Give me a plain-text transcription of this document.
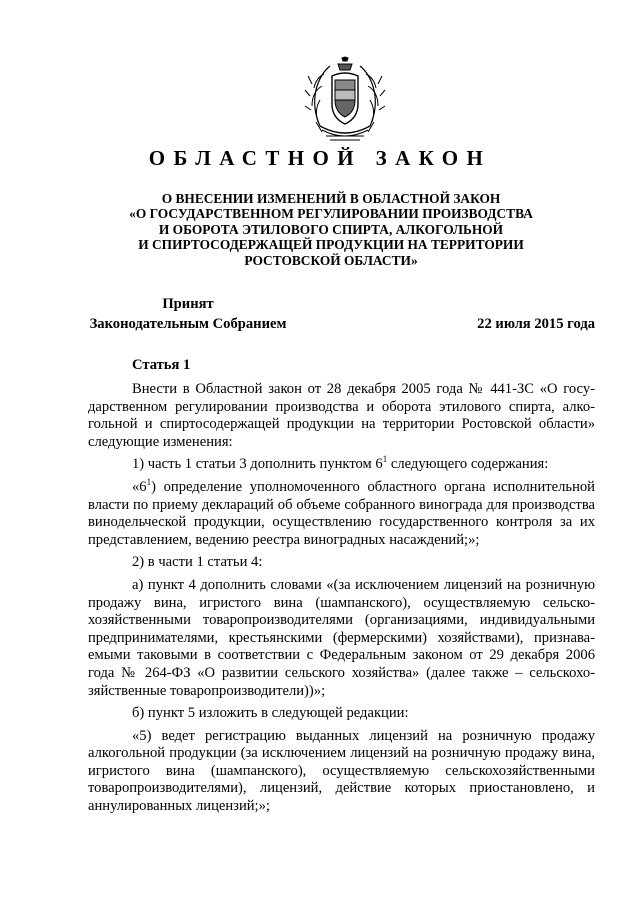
ОБЛАСТНОЙ ЗАКОН
О ВНЕСЕНИИ ИЗМЕНЕНИЙ В ОБЛАСТНОЙ ЗАКОН
«О ГОСУДАРСТВЕННОМ РЕГУЛИРОВАНИИ ПРОИЗВОДСТВА
И ОБОРОТА ЭТИЛОВОГО СПИРТА, АЛКОГОЛЬНОЙ
И СПИРТОСОДЕРЖАЩЕЙ ПРОДУКЦИИ НА ТЕРРИТОРИИ
РОСТОВСКОЙ ОБЛАСТИ»
Принят
Законодательным Собранием	22 июля 2015 года
Статья 1

Внести в Областной закон от 28 декабря 2005 года № 441-ЗС «О государственном регулировании производства и оборота этилового спирта, алкогольной и спиртосодержащей продукции на территории Ростовской области» следующие изменения:

1) часть 1 статьи 3 дополнить пунктом $6^1$ следующего содержания:

«$6^1$) определение уполномоченного областного органа исполнительной власти по приему деклараций об объеме собранного винограда для производства винодельческой продукции, осуществлению государственного контроля за их представлением, ведению реестра виноградных насаждений;»;

2) в части 1 статьи 4:

а) пункт 4 дополнить словами «(за исключением лицензий на розничную продажу вина, игристого вина (шампанского), осуществляемую сельскохозяйственными товаропроизводителями (организациями, индивидуальными предпринимателями, крестьянскими (фермерскими) хозяйствами), признаваемыми таковыми в соответствии с Федеральным законом от 29 декабря 2006 года № 264-ФЗ «О развитии сельского хозяйства» (далее также – сельскохозяйственные товаропроизводители))»;

б) пункт 5 изложить в следующей редакции:

«5) ведет регистрацию выданных лицензий на розничную продажу алкогольной продукции (за исключением лицензий на розничную продажу вина, игристого вина (шампанского), осуществляемую сельскохозяйственными товаропроизводителями), лицензий, действие которых приостановлено, и аннулированных лицензий;»;
